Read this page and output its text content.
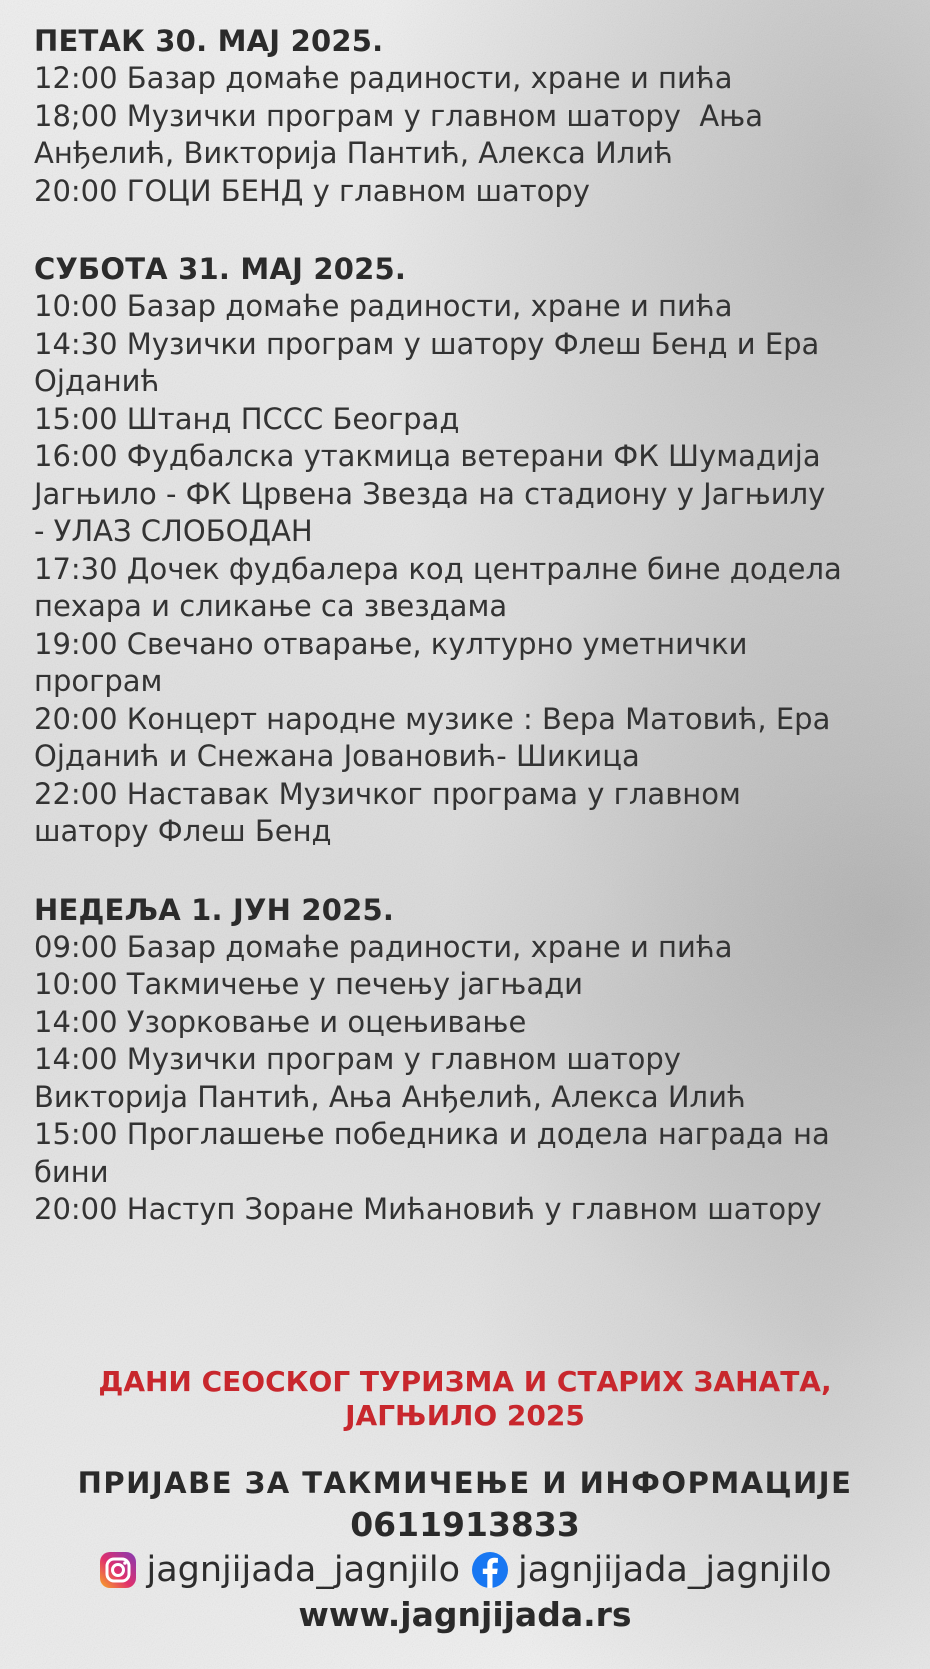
ПЕТАК 30. МАЈ 2025.
12:00 Базар домаће радиности, хране и пића
18;00 Музички програм у главном шатору  Ања
Анђелић, Викторија Пантић, Алекса Илић
20:00 ГОЦИ БЕНД у главном шатору
СУБОТА 31. МАЈ 2025.
10:00 Базар домаће радиности, хране и пића
14:30 Музички програм у шатору Флеш Бенд и Ера
Ојданић
15:00 Штанд ПССС Београд
16:00 Фудбалска утакмица ветерани ФК Шумадија
Јагњило - ФК Црвена Звезда на стадиону у Јагњилу
- УЛАЗ СЛОБОДАН
17:30 Дочек фудбалера код централне бине додела
пехара и сликање са звездама
19:00 Свечано отварање, културно уметнички
програм
20:00 Концерт народне музике : Вера Матовић, Ера
Ојданић и Снежана Јовановић- Шикица
22:00 Наставак Музичког програма у главном
шатору Флеш Бенд
НЕДЕЉА 1. ЈУН 2025.
09:00 Базар домаће радиности, хране и пића
10:00 Такмичење у печењу јагњади
14:00 Узорковање и оцењивање
14:00 Музички програм у главном шатору
Викторија Пантић, Ања Анђелић, Алекса Илић
15:00 Проглашење победника и додела награда на
бини
20:00 Наступ Зоране Мићановић у главном шатору
ДАНИ СЕОСКОГ ТУРИЗМА И СТАРИХ ЗАНАТА,
ЈАГЊИЛО 2025
ПРИЈАВЕ ЗА ТАКМИЧЕЊЕ И ИНФОРМАЦИЈЕ
0611913833
jagnjijada_jagnjilo jagnjijada_jagnjilo
www.jagnjijada.rs
